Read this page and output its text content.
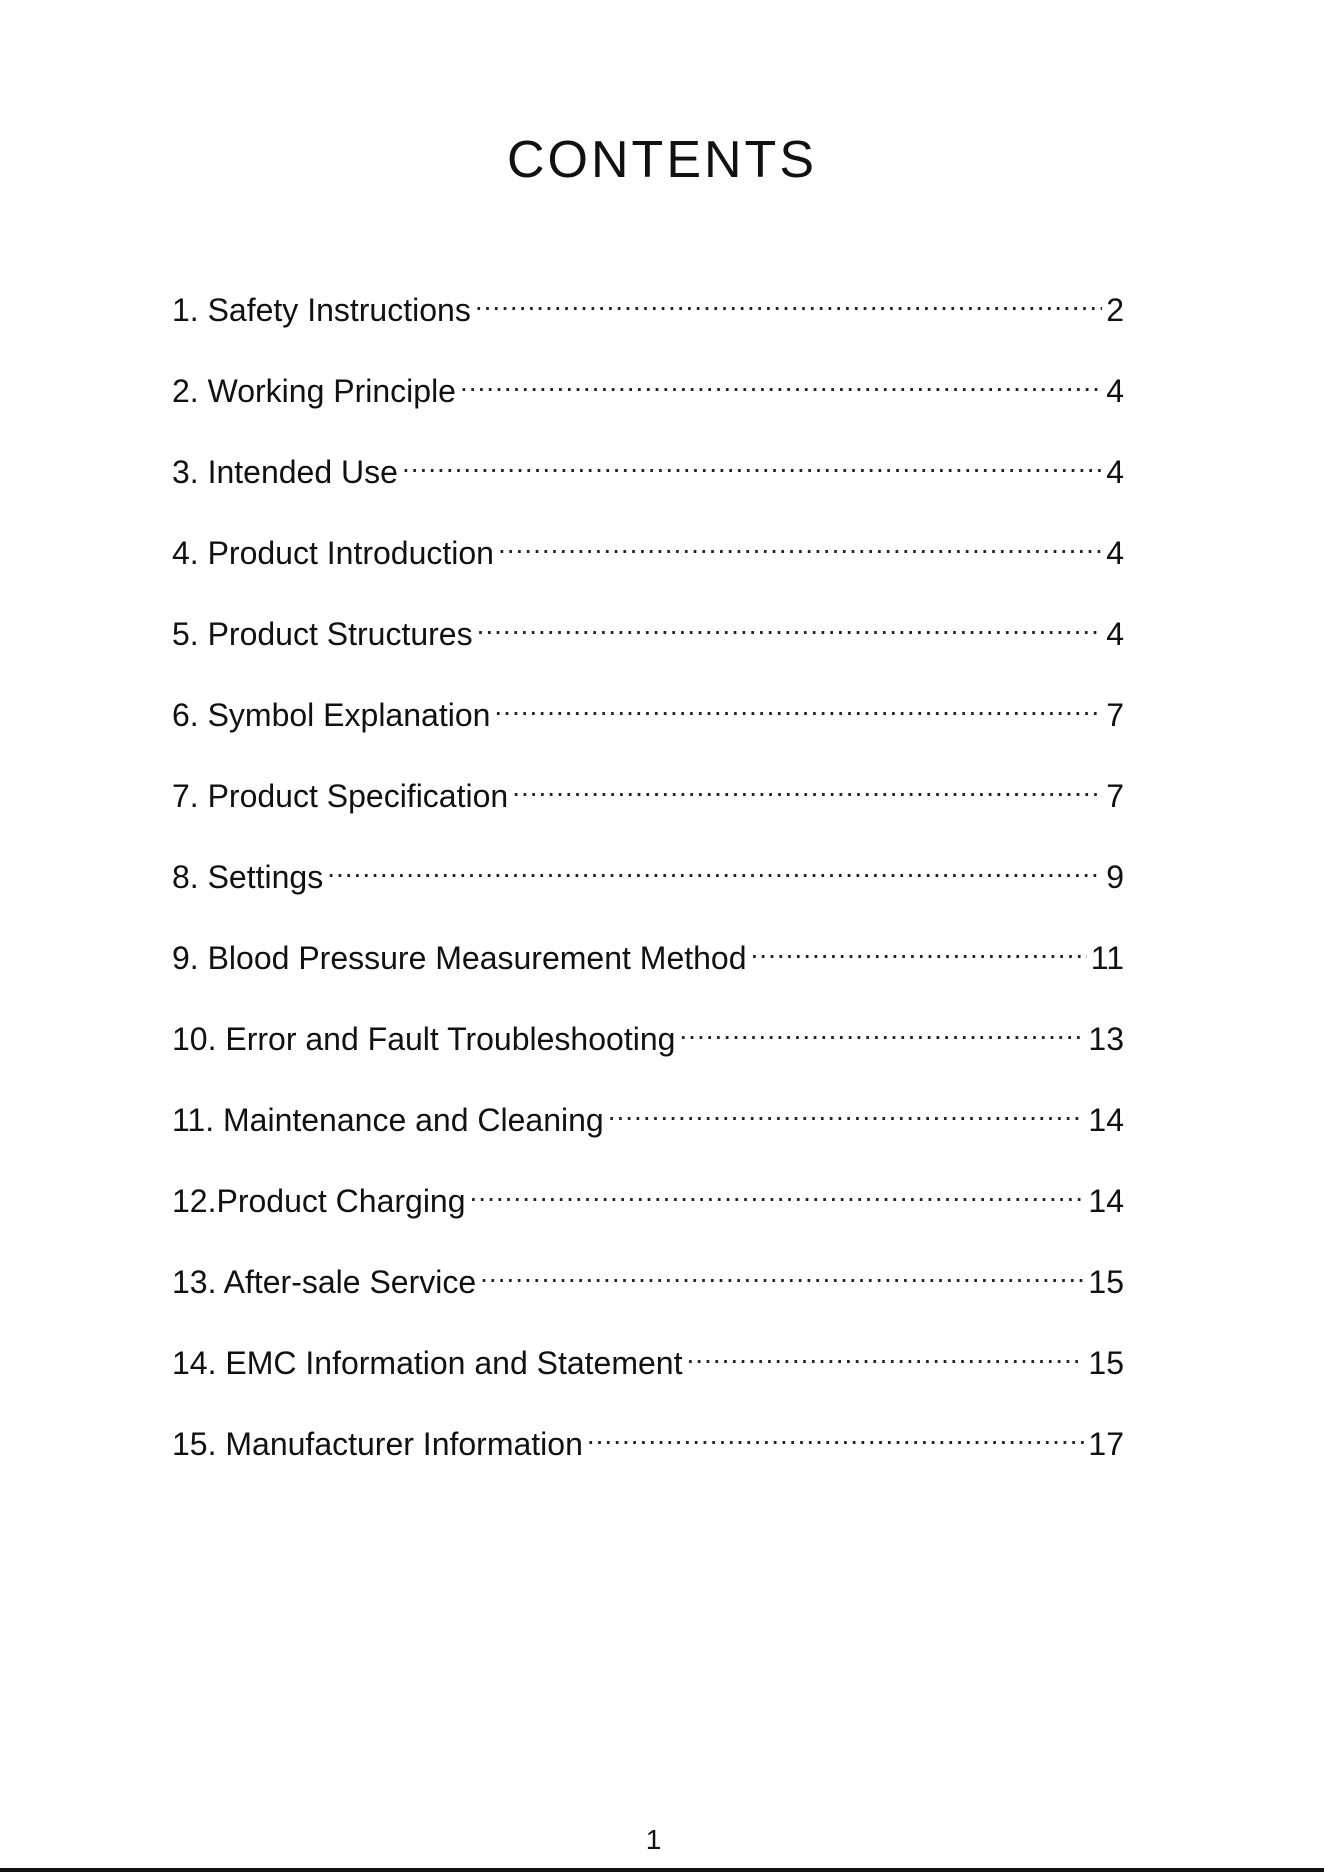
CONTENTS
1. Safety Instructions .....	2
2. Working Principle .....	4
3. Intended Use .....	4
4. Product Introduction .....	4
5. Product Structures .....	4
6. Symbol Explanation .....	7
7. Product Specification .....	7
8. Settings .....	9
9. Blood Pressure Measurement Method .....	11
10. Error and Fault Troubleshooting .....	13
11. Maintenance and Cleaning .....	14
12.Product Charging .....	14
13. After-sale Service .....	15
14. EMC Information and Statement .....	15
15. Manufacturer Information .....	17
1
